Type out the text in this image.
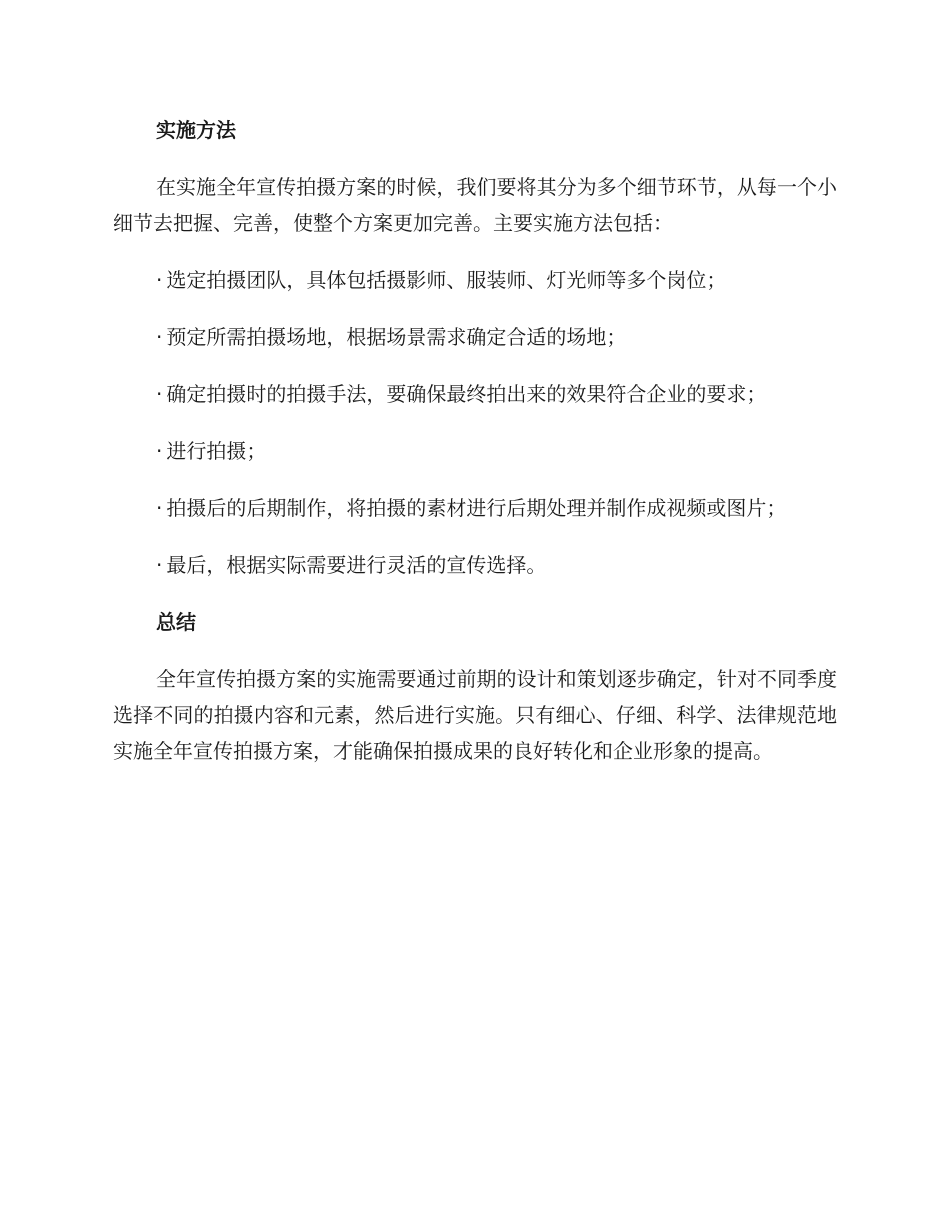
实施方法

在实施全年宣传拍摄方案的时候，我们要将其分为多个细节环节，从每一个小细节去把握、完善，使整个方案更加完善。主要实施方法包括：

· 选定拍摄团队，具体包括摄影师、服装师、灯光师等多个岗位；

· 预定所需拍摄场地，根据场景需求确定合适的场地；

· 确定拍摄时的拍摄手法，要确保最终拍出来的效果符合企业的要求；

· 进行拍摄；

· 拍摄后的后期制作，将拍摄的素材进行后期处理并制作成视频或图片；

· 最后，根据实际需要进行灵活的宣传选择。

总结

全年宣传拍摄方案的实施需要通过前期的设计和策划逐步确定，针对不同季度选择不同的拍摄内容和元素，然后进行实施。只有细心、仔细、科学、法律规范地实施全年宣传拍摄方案，才能确保拍摄成果的良好转化和企业形象的提高。
